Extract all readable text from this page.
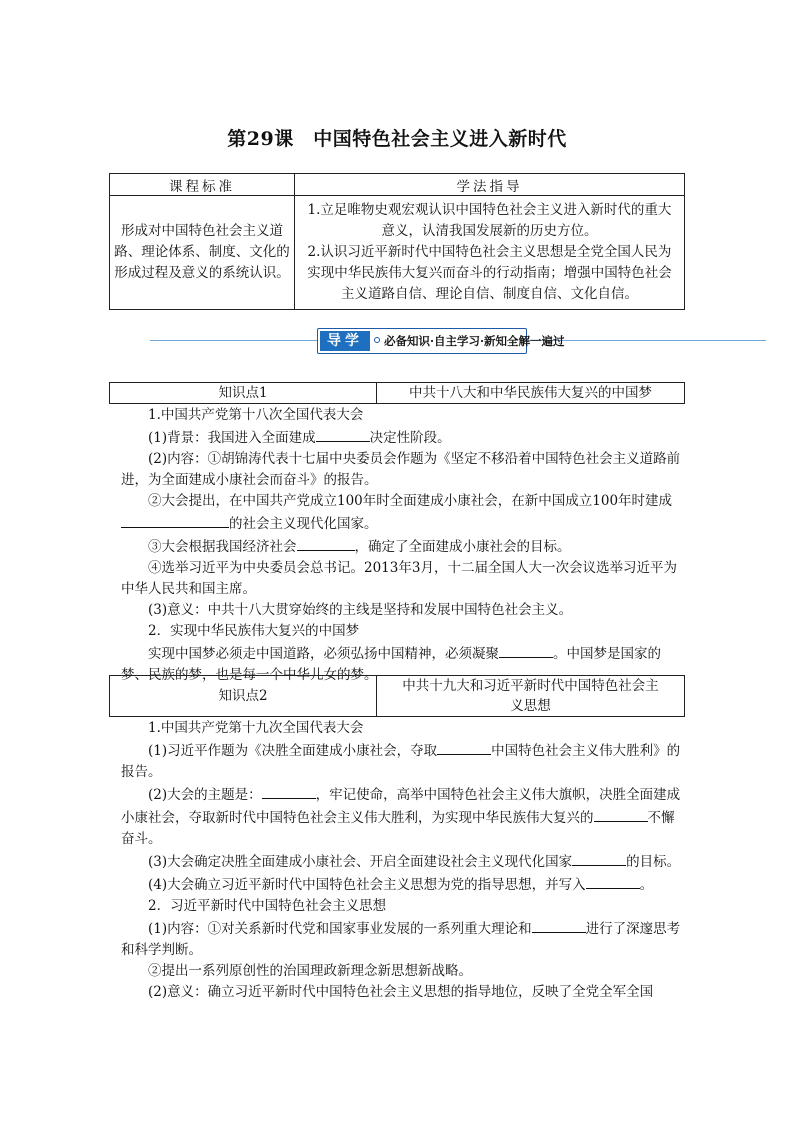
第29课　中国特色社会主义进入新时代
课程标准	学法指导
形成对中国特色社会主义道路、理论体系、制度、文化的形成过程及意义的系统认识。	1.立足唯物史观宏观认识中国特色社会主义进入新时代的重大意义，认清我国发展新的历史方位。
2.认识习近平新时代中国特色社会主义思想是全党全国人民为实现中华民族伟大复兴而奋斗的行动指南；增强中国特色社会主义道路自信、理论自信、制度自信、文化自信。
导学	必备知识·自主学习·新知全解一遍过
知识点1	中共十八大和中华民族伟大复兴的中国梦

1.中国共产党第十八次全国代表大会

(1)背景：我国进入全面建成	决定性阶段。

(2)内容：①胡锦涛代表十七届中央委员会作题为《坚定不移沿着中国特色社会主义道路前进，为全面建成小康社会而奋斗》的报告。

②大会提出，在中国共产党成立100年时全面建成小康社会，在新中国成立100年时建成的社会主义现代化国家。

③大会根据我国经济社会	，确定了全面建成小康社会的目标。

④选举习近平为中央委员会总书记。2013年3月，十二届全国人大一次会议选举习近平为中华人民共和国主席。

(3)意义：中共十八大贯穿始终的主线是坚持和发展中国特色社会主义。

2．实现中华民族伟大复兴的中国梦

实现中国梦必须走中国道路，必须弘扬中国精神，必须凝聚	。中国梦是国家的梦、民族的梦，也是每一个中华儿女的梦。

知识点2	中共十九大和习近平新时代中国特色社会主义思想

1.中国共产党第十九次全国代表大会

(1)习近平作题为《决胜全面建成小康社会，夺取	中国特色社会主义伟大胜利》的报告。

(2)大会的主题是：	，牢记使命，高举中国特色社会主义伟大旗帜，决胜全面建成小康社会，夺取新时代中国特色社会主义伟大胜利，为实现中华民族伟大复兴的	不懈奋斗。

(3)大会确定决胜全面建成小康社会、开启全面建设社会主义现代化国家	的目标。

(4)大会确立习近平新时代中国特色社会主义思想为党的指导思想，并写入	。

2．习近平新时代中国特色社会主义思想

(1)内容：①对关系新时代党和国家事业发展的一系列重大理论和	进行了深邃思考和科学判断。

②提出一系列原创性的治国理政新理念新思想新战略。

(2)意义：确立习近平新时代中国特色社会主义思想的指导地位，反映了全党全军全国
